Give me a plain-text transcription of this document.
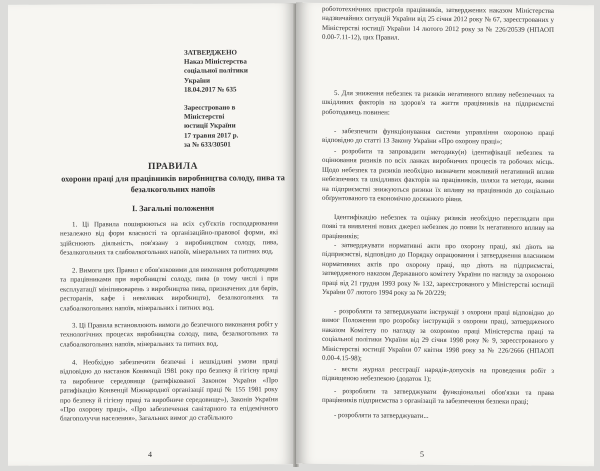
ЗАТВЕРДЖЕНО
Наказ Міністерства
соціальної політики
України
18.04.2017 № 635

Зареєстровано в
Міністерстві
юстиції України
17 травня 2017 р.
за № 633/30501

ПРАВИЛА

охорони праці для працівників виробництва солоду, пива та безалкогольних напоїв

I. Загальні положення

1. Ці Правила поширюються на всіх суб'єктів господарювання незалежно від форм власності та організаційно-правової форми, які здійснюють діяльність, пов'язану з виробництвом солоду, пива, безалкогольних та слабоалкогольних напоїв, мінеральних та питних вод.

2. Вимоги цих Правил є обов'язковими для виконання роботодавцями та працівниками при виробництві солоду, пива (в тому числі і при експлуатації мініпивоварень з виробництва пива, призначених для барів, ресторанів, кафе і невеликих виробництв), безалкогольних та слабоалкогольних напоїв, мінеральних і питних вод.

3. Ці Правила встановлюють вимоги до безпечного виконання робіт у технологічних процесах виробництва солоду, пива, безалкогольних та слабоалкогольних напоїв, мінеральних та питних вод.

4. Необхідно забезпечити безпечні і нешкідливі умови праці відповідно до настанов Конвенції 1981 року про безпеку й гігієну праці та виробниче середовище (ратифікованої Законом України «Про ратифікацію Конвенції Міжнародної організації праці № 155 1981 року про безпеку й гігієну праці та виробниче середовище»), Законів України «Про охорону праці», «Про забезпечення санітарного та епідемічного благополуччя населення», Загальних вимог до стабільного

4

робототехнічних пристроїв працівників, затверджених наказом Міністерства надзвичайних ситуацій України від 25 січня 2012 року № 67, зареєстрованих у Міністерстві юстиції України 14 лютого 2012 року за № 226/20539 (НПАОП 0.00-7.11-12), цих Правил.

5. Для зниження небезпек та ризиків негативного впливу небезпечних та шкідливих факторів на здоров'я та життя працівників на підприємстві роботодавець повинен:

- забезпечити функціонування системи управління охороною праці відповідно до статті 13 Закону України «Про охорону праці»;

- розробити та запровадити методику(и) ідентифікації небезпек та оцінювання ризиків по всіх ланках виробничих процесів та робочих місць. Щодо небезпек та ризиків необхідно визначити можливий негативний вплив небезпечних та шкідливих факторів на працівників, шляхи та методи, якими на підприємстві знижуються ризики їх впливу на працівників до соціально обґрунтованого та економічно досяжного рівня.

Ідентифікацію небезпек та оцінку ризиків необхідно переглядати при появі та виявленні нових джерел небезпек до появи їх негативного впливу на працівників;

- затверджувати нормативні акти про охорону праці, які діють на підприємстві, відповідно до Порядку опрацювання і затвердження власником нормативних актів про охорону праці, що діють на підприємстві, затвердженого наказом Державного комітету України по нагляду за охороною праці від 21 грудня 1993 року № 132, зареєстрованого у Міністерстві юстиції України 07 лютого 1994 року за № 20/229;

- розробляти та затверджувати інструкції з охорони праці відповідно до вимог Положення про розробку інструкцій з охорони праці, затвердженого наказом Комітету по нагляду за охороною праці Міністерства праці та соціальної політики України від 29 січня 1998 року № 9, зареєстрованого у Міністерстві юстиції України 07 квітня 1998 року за № 226/2666 (НПАОП 0.00-4.15-98);

- вести журнал реєстрації нарядів-допусків на проведення робіт з підвищеною небезпекою (додаток 1);

- розробляти та затверджувати функціональні обов'язки та права працівників підприємства з організації та забезпечення безпеки праці;

- розробляти та затверджувати...

5
